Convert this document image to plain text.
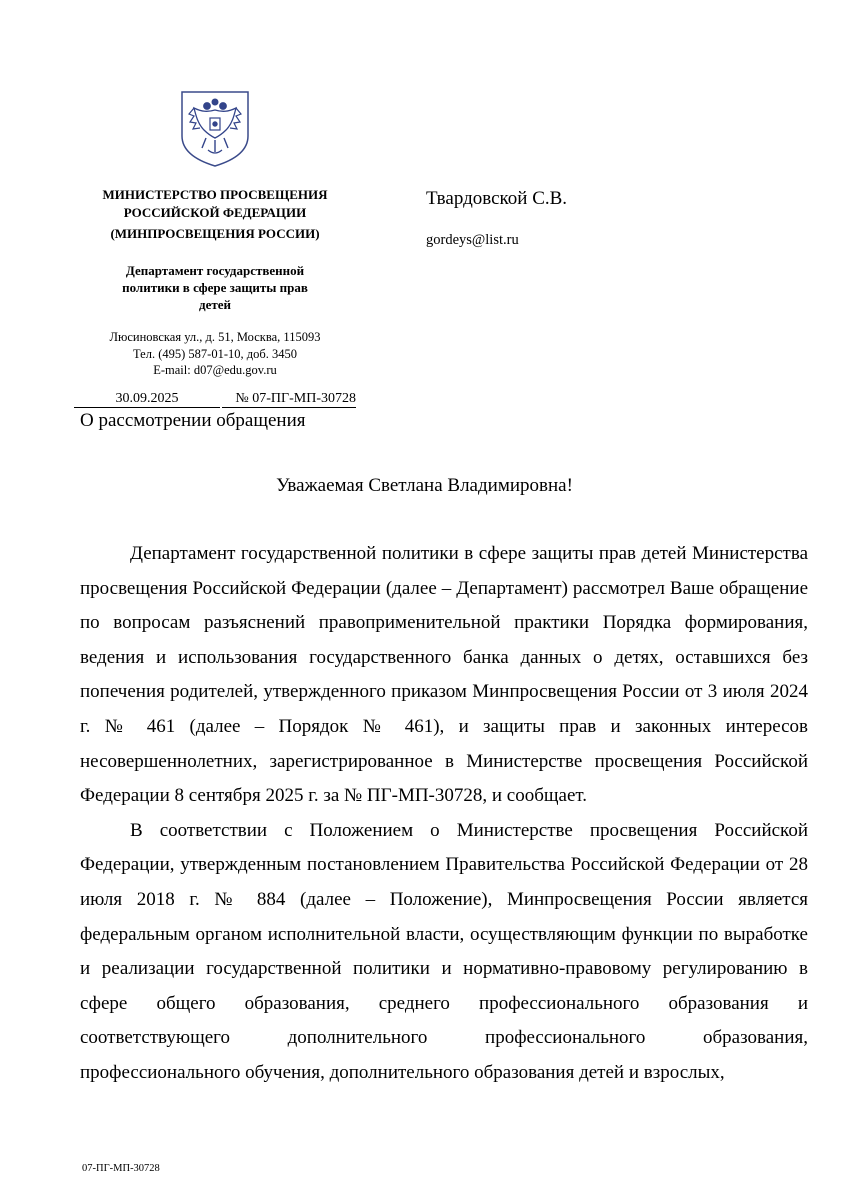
МИНИСТЕРСТВО ПРОСВЕЩЕНИЯ
РОССИЙСКОЙ ФЕДЕРАЦИИ
(МИНПРОСВЕЩЕНИЯ РОССИИ)
Департамент государственной
политики в сфере защиты прав
детей
Люсиновская ул., д. 51, Москва, 115093
Тел. (495) 587-01-10, доб. 3450
E-mail: d07@edu.gov.ru
30.09.2025	№ 07-ПГ-МП-30728
О рассмотрении обращения
Твардовской С.В.
gordeys@list.ru
Уважаемая Светлана Владимировна!

Департамент государственной политики в сфере защиты прав детей Министерства просвещения Российской Федерации (далее – Департамент) рассмотрел Ваше обращение по вопросам разъяснений правоприменительной практики Порядка формирования, ведения и использования государственного банка данных о детях, оставшихся без попечения родителей, утвержденного приказом Минпросвещения России от 3 июля 2024 г. № 461 (далее – Порядок № 461), и защиты прав и законных интересов несовершеннолетних, зарегистрированное в Министерстве просвещения Российской Федерации 8 сентября 2025 г. за № ПГ-МП-30728, и сообщает.

В соответствии с Положением о Министерстве просвещения Российской Федерации, утвержденным постановлением Правительства Российской Федерации от 28 июля 2018 г. № 884 (далее – Положение), Минпросвещения России является федеральным органом исполнительной власти, осуществляющим функции по выработке и реализации государственной политики и нормативно-правовому регулированию в сфере общего образования, среднего профессионального образования и соответствующего дополнительного профессионального образования, профессионального обучения, дополнительного образования детей и взрослых,

07-ПГ-МП-30728
